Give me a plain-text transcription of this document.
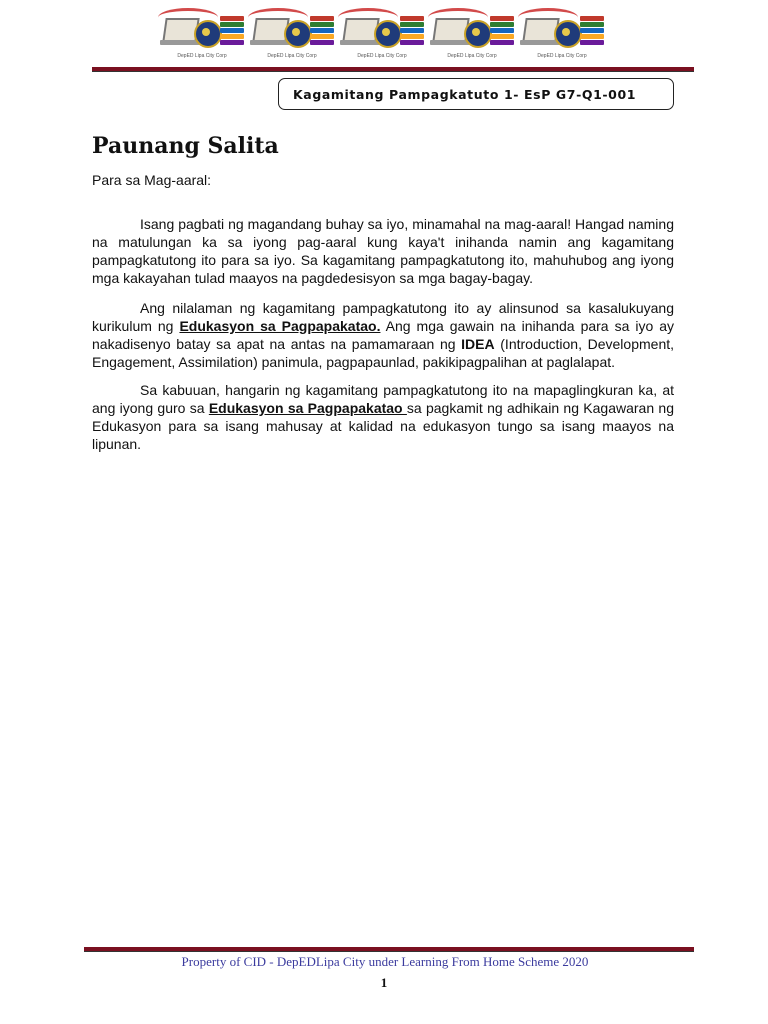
DepED Lipa City Corp	DepED Lipa City Corp	DepED Lipa City Corp	DepED Lipa City Corp	DepED Lipa City Corp
Kagamitang Pampagkatuto 1- EsP G7-Q1-001
Paunang Salita
Para sa Mag-aaral:

Isang pagbati ng magandang buhay sa iyo, minamahal na mag-aaral! Hangad naming na matulungan ka sa iyong pag-aaral kung kaya't inihanda namin ang kagamitang pampagkatutong ito para sa iyo. Sa kagamitang pampagkatutong ito, mahuhubog ang iyong mga kakayahan tulad maayos na pagdedesisyon sa mga bagay-bagay.

Ang nilalaman ng kagamitang pampagkatutong ito ay alinsunod sa kasalukuyang kurikulum ng Edukasyon sa Pagpapakatao. Ang mga gawain na inihanda para sa iyo ay nakadisenyo batay sa apat na antas na pamamaraan ng IDEA (Introduction, Development, Engagement, Assimilation) panimula, pagpapaunlad, pakikipagpalihan at paglalapat.

Sa kabuuan, hangarin ng kagamitang pampagkatutong ito na mapaglingkuran ka, at ang iyong guro sa Edukasyon sa Pagpapakatao sa pagkamit ng adhikain ng Kagawaran ng Edukasyon para sa isang mahusay at kalidad na edukasyon tungo sa isang maayos na lipunan.

Property of CID - DepEDLipa City under Learning From Home Scheme 2020
1
